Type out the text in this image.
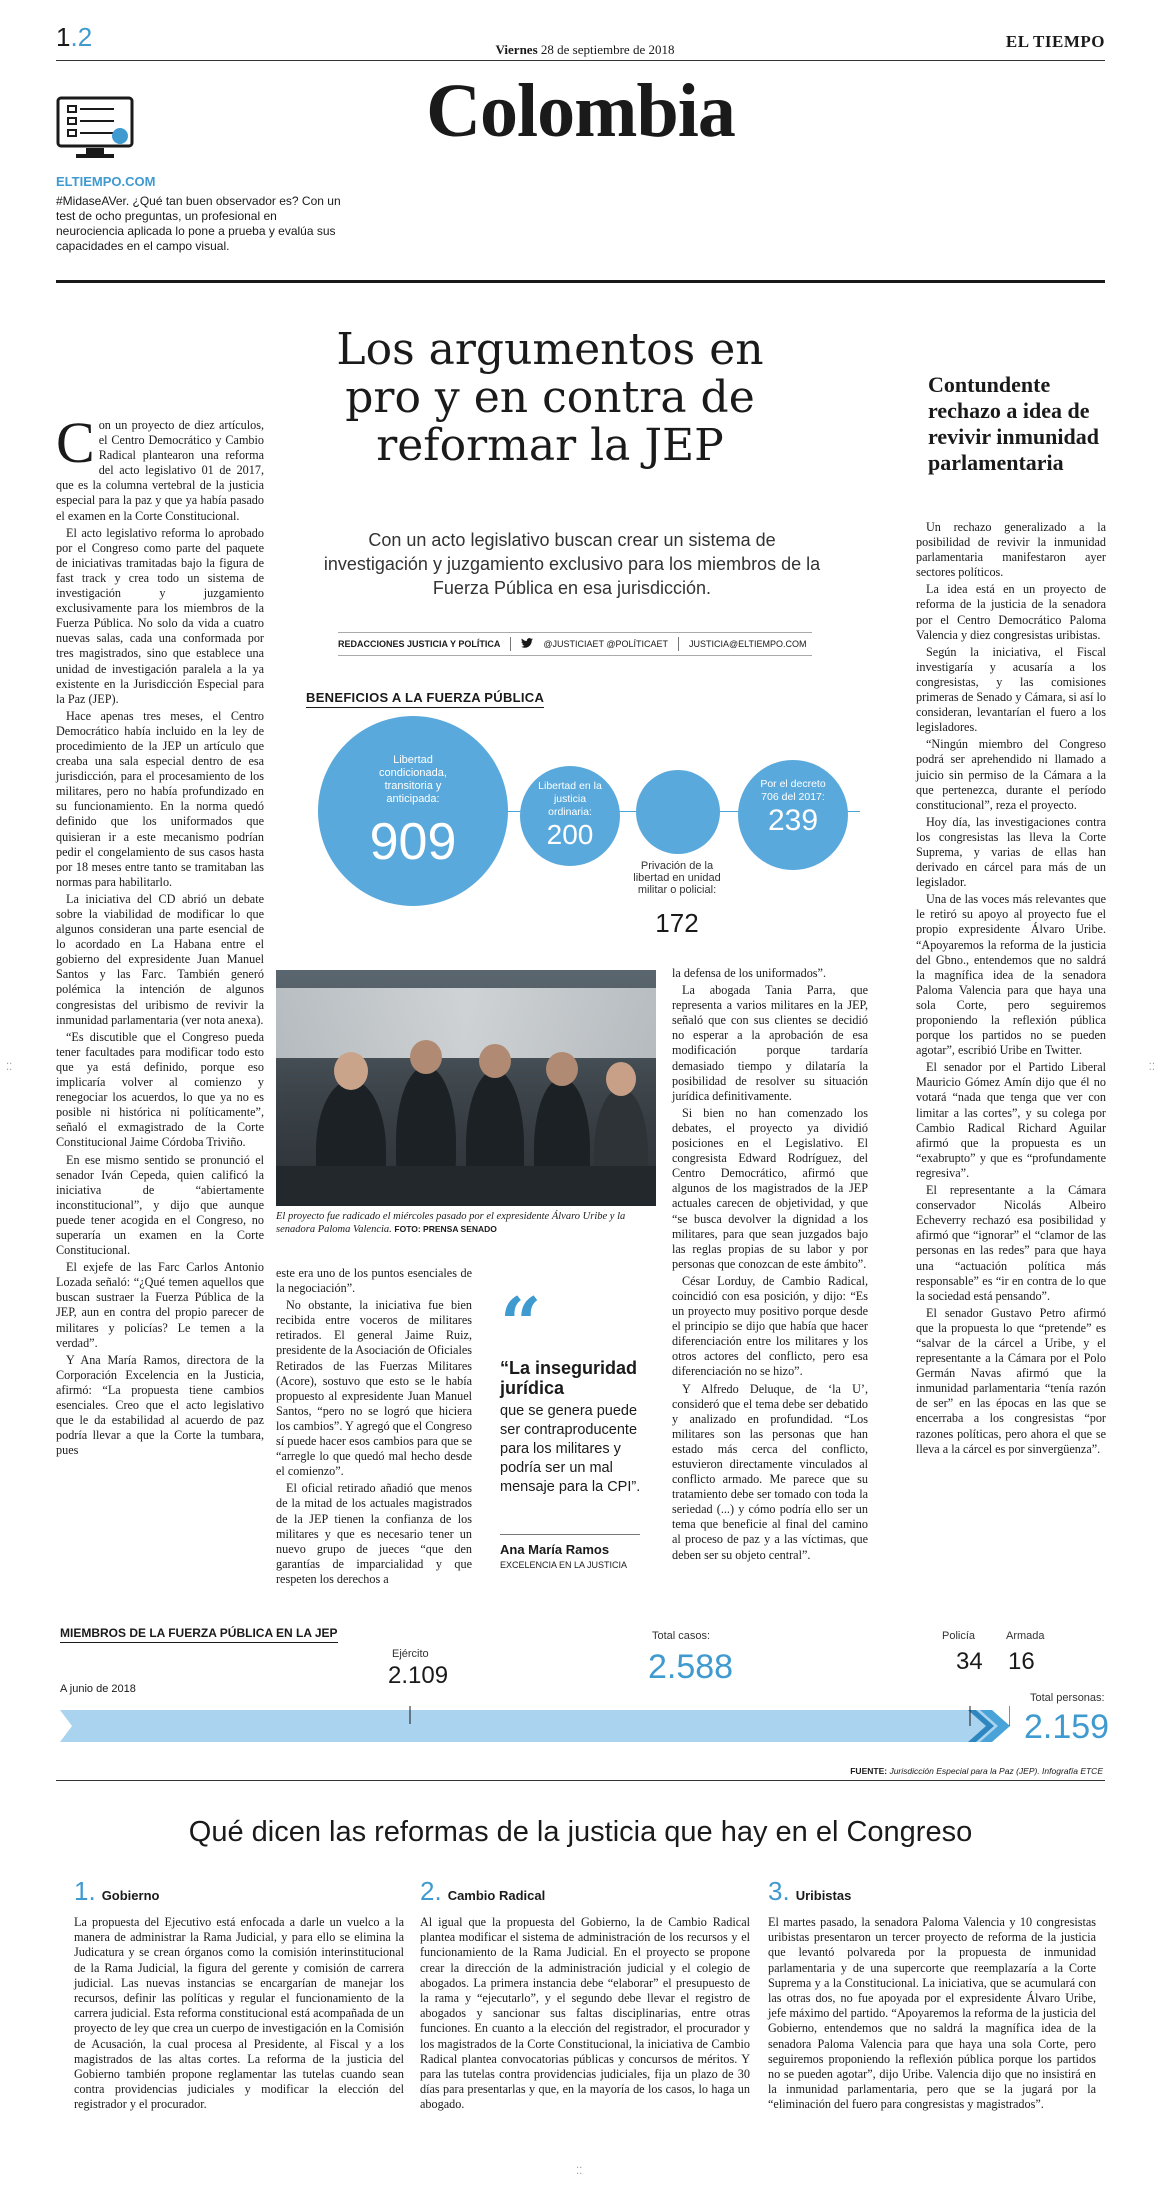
1.2	Viernes 28 de septiembre de 2018	EL TIEMPO
Colombia
ELTIEMPO.COM
#MidaseAVer. ¿Qué tan buen observador es? Con un test de ocho preguntas, un profesional en neurociencia aplicada lo pone a prueba y evalúa sus capacidades en el campo visual.
Los argumentos en pro y en contra de reformar la JEP
Con un acto legislativo buscan crear un sistema de investigación y juzgamiento exclusivo para los miembros de la Fuerza Pública en esa jurisdicción.
REDACCIONES JUSTICIA Y POLÍTICA	@JUSTICIAET @POLÍTICAET JUSTICIA@ELTIEMPO.COM
C on un proyecto de diez artículos, el Centro Democrático y Cambio Radical plantearon una reforma del acto legislativo 01 de 2017, que es la columna vertebral de la justicia especial para la paz y que ya había pasado el examen en la Corte Constitucional.

El acto legislativo reforma lo aprobado por el Congreso como parte del paquete de iniciativas tramitadas bajo la figura de fast track y crea todo un sistema de investigación y juzgamiento exclusivamente para los miembros de la Fuerza Pública. No solo da vida a cuatro nuevas salas, cada una conformada por tres magistrados, sino que establece una unidad de investigación paralela a la ya existente en la Jurisdicción Especial para la Paz (JEP).

Hace apenas tres meses, el Centro Democrático había incluido en la ley de procedimiento de la JEP un artículo que creaba una sala especial dentro de esa jurisdicción, para el procesamiento de los militares, pero no había profundizado en su funcionamiento. En la norma quedó definido que los uniformados que quisieran ir a este mecanismo podrían pedir el congelamiento de sus casos hasta por 18 meses entre tanto se tramitaban las normas para habilitarlo.

La iniciativa del CD abrió un debate sobre la viabilidad de modificar lo que algunos consideran una parte esencial de lo acordado en La Habana entre el gobierno del expresidente Juan Manuel Santos y las Farc. También generó polémica la intención de algunos congresistas del uribismo de revivir la inmunidad parlamentaria (ver nota anexa).

“Es discutible que el Congreso pueda tener facultades para modificar todo esto que ya está definido, porque eso implicaría volver al comienzo y renegociar los acuerdos, lo que ya no es posible ni histórica ni políticamente”, señaló el exmagistrado de la Corte Constitucional Jaime Córdoba Triviño.

En ese mismo sentido se pronunció el senador Iván Cepeda, quien calificó la iniciativa de “abiertamente inconstitucional”, y dijo que aunque puede tener acogida en el Congreso, no superaría un examen en la Corte Constitucional.

El exjefe de las Farc Carlos Antonio Lozada señaló: “¿Qué temen aquellos que buscan sustraer la Fuerza Pública de la JEP, aun en contra del propio parecer de militares y policías? Le temen a la verdad”.

Y Ana María Ramos, directora de la Corporación Excelencia en la Justicia, afirmó: “La propuesta tiene cambios esenciales. Creo que el acto legislativo que le da estabilidad al acuerdo de paz podría llevar a que la Corte la tumbara, pues

BENEFICIOS A LA FUERZA PÚBLICA
Libertad condicionada, transitoria y anticipada:
909
Libertad en la justicia ordinaria:
200
Privación de la libertad en unidad militar o policial:
172
Por el decreto 706 del 2017:
239
El proyecto fue radicado el miércoles pasado por el expresidente Álvaro Uribe y la senadora Paloma Valencia. FOTO: PRENSA SENADO

este era uno de los puntos esenciales de la negociación”.

No obstante, la iniciativa fue bien recibida entre voceros de militares retirados. El general Jaime Ruiz, presidente de la Asociación de Oficiales Retirados de las Fuerzas Militares (Acore), sostuvo que esto se le había propuesto al expresidente Juan Manuel Santos, “pero no se logró que hiciera los cambios”. Y agregó que el Congreso sí puede hacer esos cambios para que se “arregle lo que quedó mal hecho desde el comienzo”.

El oficial retirado añadió que menos de la mitad de los actuales magistrados de la JEP tienen la confianza de los militares y que es necesario tener un nuevo grupo de jueces “que den garantías de imparcialidad y que respeten los derechos a

“
“La inseguridad jurídica
que se genera puede ser contraproducente para los militares y podría ser un mal mensaje para la CPI”.
Ana María Ramos
EXCELENCIA EN LA JUSTICIA

la defensa de los uniformados”.

La abogada Tania Parra, que representa a varios militares en la JEP, señaló que con sus clientes se decidió no esperar a la aprobación de esa modificación porque tardaría demasiado tiempo y dilataría la posibilidad de resolver su situación jurídica definitivamente.

Si bien no han comenzado los debates, el proyecto ya dividió posiciones en el Legislativo. El congresista Edward Rodríguez, del Centro Democrático, afirmó que algunos de los magistrados de la JEP actuales carecen de objetividad, y que “se busca devolver la dignidad a los militares, para que sean juzgados bajo las reglas propias de su labor y por personas que conozcan de este ámbito”.

César Lorduy, de Cambio Radical, coincidió con esa posición, y dijo: “Es un proyecto muy positivo porque desde el principio se dijo que había que hacer diferenciación entre los militares y los otros actores del conflicto, pero esa diferenciación no se hizo”.

Y Alfredo Deluque, de ‘la U’, consideró que el tema debe ser debatido y analizado en profundidad. “Los militares son las personas que han estado más cerca del conflicto, estuvieron directamente vinculados al conflicto armado. Me parece que su tratamiento debe ser tomado con toda la seriedad (...) y cómo podría ello ser un tema que beneficie al final del camino al proceso de paz y a las víctimas, que deben ser su objeto central”.

Contundente rechazo a idea de revivir inmunidad parlamentaria

Un rechazo generalizado a la posibilidad de revivir la inmunidad parlamentaria manifestaron ayer sectores políticos.

La idea está en un proyecto de reforma de la justicia de la senadora por el Centro Democrático Paloma Valencia y diez congresistas uribistas.

Según la iniciativa, el Fiscal investigaría y acusaría a los congresistas, y las comisiones primeras de Senado y Cámara, si así lo consideran, levantarían el fuero a los legisladores.

“Ningún miembro del Congreso podrá ser aprehendido ni llamado a juicio sin permiso de la Cámara a la que pertenezca, durante el período constitucional”, reza el proyecto.

Hoy día, las investigaciones contra los congresistas las lleva la Corte Suprema, y varias de ellas han derivado en cárcel para más de un legislador.

Una de las voces más relevantes que le retiró su apoyo al proyecto fue el propio expresidente Álvaro Uribe. “Apoyaremos la reforma de la justicia del Gbno., entendemos que no saldrá la magnífica idea de la senadora Paloma Valencia para que haya una sola Corte, pero seguiremos proponiendo la reflexión pública porque los partidos no se pueden agotar”, escribió Uribe en Twitter.

El senador por el Partido Liberal Mauricio Gómez Amín dijo que él no votará “nada que tenga que ver con limitar a las cortes”, y su colega por Cambio Radical Richard Aguilar afirmó que la propuesta es un “exabrupto” y que es “profundamente regresiva”.

El representante a la Cámara conservador Nicolás Albeiro Echeverry rechazó esa posibilidad y afirmó que “ignorar” el “clamor de las personas en las redes” para que haya una “actuación política más responsable” es “ir en contra de lo que la sociedad está pensando”.

El senador Gustavo Petro afirmó que la propuesta lo que “pretende” es “salvar de la cárcel a Uribe, y el representante a la Cámara por el Polo Germán Navas afirmó que la inmunidad parlamentaria “tenía razón de ser” en las épocas en las que se encerraba a los congresistas “por razones políticas, pero ahora el que se lleva a la cárcel es por sinvergüenza”.

MIEMBROS DE LA FUERZA PÚBLICA EN LA JEP
A junio de 2018
Ejército
2.109
Total casos:
2.588
Policía
34
Armada
16
Total personas:
2.159
FUENTE: Jurisdicción Especial para la Paz (JEP). Infografía ETCE
Qué dicen las reformas de la justicia que hay en el Congreso
1. Gobierno
La propuesta del Ejecutivo está enfocada a darle un vuelco a la manera de administrar la Rama Judicial, y para ello se elimina la Judicatura y se crean órganos como la comisión interinstitucional de la Rama Judicial, la figura del gerente y comisión de carrera judicial. Las nuevas instancias se encargarían de manejar los recursos, definir las políticas y regular el funcionamiento de la carrera judicial. Esta reforma constitucional está acompañada de un proyecto de ley que crea un cuerpo de investigación en la Comisión de Acusación, la cual procesa al Presidente, al Fiscal y a los magistrados de las altas cortes. La reforma de la justicia del Gobierno también propone reglamentar las tutelas cuando sean contra providencias judiciales y modificar la elección del registrador y el procurador.
2. Cambio Radical
Al igual que la propuesta del Gobierno, la de Cambio Radical plantea modificar el sistema de administración de los recursos y el funcionamiento de la Rama Judicial. En el proyecto se propone crear la dirección de la administración judicial y el colegio de abogados. La primera instancia debe “elaborar” el presupuesto de la rama y “ejecutarlo”, y el segundo debe llevar el registro de abogados y sancionar sus faltas disciplinarias, entre otras funciones. En cuanto a la elección del registrador, el procurador y los magistrados de la Corte Constitucional, la iniciativa de Cambio Radical plantea convocatorias públicas y concursos de méritos. Y para las tutelas contra providencias judiciales, fija un plazo de 30 días para presentarlas y que, en la mayoría de los casos, lo haga un abogado.
3. Uribistas
El martes pasado, la senadora Paloma Valencia y 10 congresistas uribistas presentaron un tercer proyecto de reforma de la justicia que levantó polvareda por la propuesta de inmunidad parlamentaria y de una supercorte que reemplazaría a la Corte Suprema y a la Constitucional. La iniciativa, que se acumulará con las otras dos, no fue apoyada por el expresidente Álvaro Uribe, jefe máximo del partido. “Apoyaremos la reforma de la justicia del Gobierno, entendemos que no saldrá la magnífica idea de la senadora Paloma Valencia para que haya una sola Corte, pero seguiremos proponiendo la reflexión pública porque los partidos no se pueden agotar”, dijo Uribe. Valencia dijo que no insistirá en la inmunidad parlamentaria, pero que se la jugará por la “eliminación del fuero para congresistas y magistrados”.
⁚⁚	⁚⁚
⁚⁚
